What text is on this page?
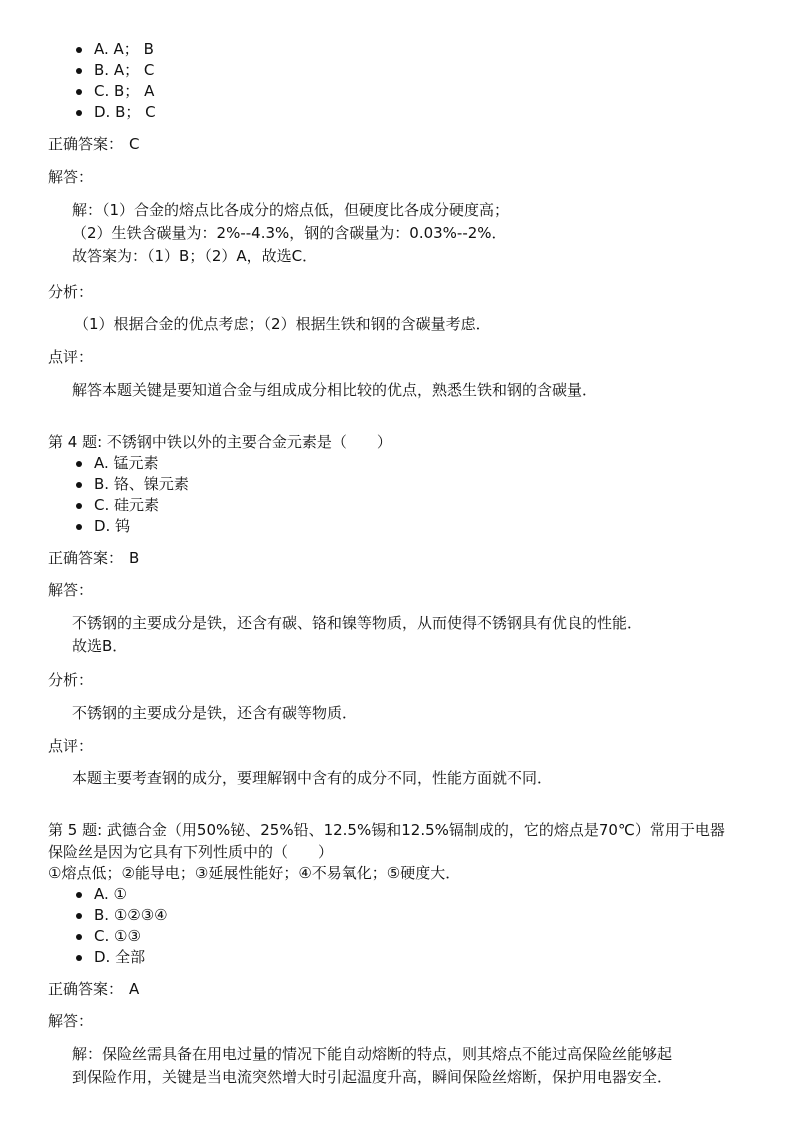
A. A； B
B. A； C
C. B； A
D. B； C
正确答案： C
解答：
解：（1）合金的熔点比各成分的熔点低，但硬度比各成分硬度高；
（2）生铁含碳量为：2%--4.3%，钢的含碳量为：0.03%--2%．
故答案为：（1）B；（2）A，故选C．
分析：
（1）根据合金的优点考虑；（2）根据生铁和钢的含碳量考虑．
点评：
解答本题关键是要知道合金与组成成分相比较的优点，熟悉生铁和钢的含碳量．
第 4 题: 不锈钢中铁以外的主要合金元素是（　　）
A. 锰元素
B. 铬、镍元素
C. 硅元素
D. 钨
正确答案： B
解答：
不锈钢的主要成分是铁，还含有碳、铬和镍等物质，从而使得不锈钢具有优良的性能．
故选B．
分析：
不锈钢的主要成分是铁，还含有碳等物质．
点评：
本题主要考查钢的成分，要理解钢中含有的成分不同，性能方面就不同．
第 5 题: 武德合金（用50%铋、25%铅、12.5%锡和12.5%镉制成的，它的熔点是70℃）常用于电器
保险丝是因为它具有下列性质中的（　　）
①熔点低；②能导电；③延展性能好；④不易氧化；⑤硬度大．
A. ①
B. ①②③④
C. ①③
D. 全部
正确答案： A
解答：
解：保险丝需具备在用电过量的情况下能自动熔断的特点，则其熔点不能过高保险丝能够起
到保险作用，关键是当电流突然增大时引起温度升高，瞬间保险丝熔断，保护用电器安全．
